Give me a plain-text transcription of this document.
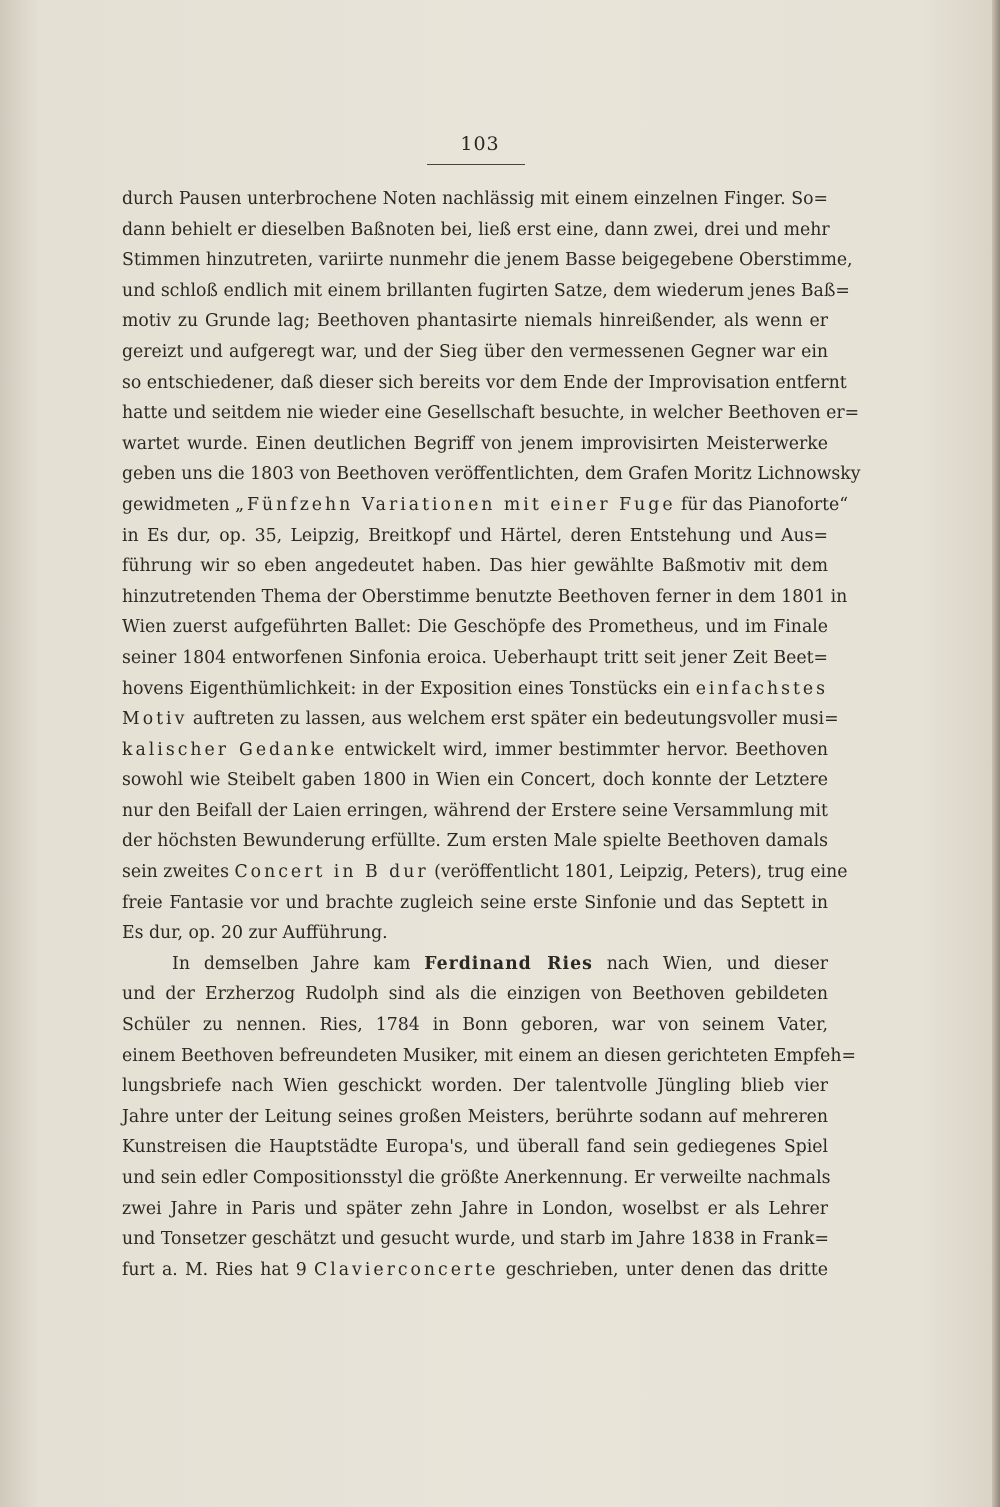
103
durch Pausen unterbrochene Noten nachlässig mit einem einzelnen Finger. So=
dann behielt er dieselben Baßnoten bei, ließ erst eine, dann zwei, drei und mehr
Stimmen hinzutreten, variirte nunmehr die jenem Basse beigegebene Oberstimme,
und schloß endlich mit einem brillanten fugirten Satze, dem wiederum jenes Baß=
motiv zu Grunde lag; Beethoven phantasirte niemals hinreißender, als wenn er
gereizt und aufgeregt war, und der Sieg über den vermessenen Gegner war ein
so entschiedener, daß dieser sich bereits vor dem Ende der Improvisation entfernt
hatte und seitdem nie wieder eine Gesellschaft besuchte, in welcher Beethoven er=
wartet wurde. Einen deutlichen Begriff von jenem improvisirten Meisterwerke
geben uns die 1803 von Beethoven veröffentlichten, dem Grafen Moritz Lichnowsky
gewidmeten „Fünfzehn Variationen mit einer Fuge für das Pianoforte“
in Es dur, op. 35, Leipzig, Breitkopf und Härtel, deren Entstehung und Aus=
führung wir so eben angedeutet haben. Das hier gewählte Baßmotiv mit dem
hinzutretenden Thema der Oberstimme benutzte Beethoven ferner in dem 1801 in
Wien zuerst aufgeführten Ballet: Die Geschöpfe des Prometheus, und im Finale
seiner 1804 entworfenen Sinfonia eroica. Ueberhaupt tritt seit jener Zeit Beet=
hovens Eigenthümlichkeit: in der Exposition eines Tonstücks ein einfachstes
Motiv auftreten zu lassen, aus welchem erst später ein bedeutungsvoller musi=
kalischer Gedanke entwickelt wird, immer bestimmter hervor. Beethoven
sowohl wie Steibelt gaben 1800 in Wien ein Concert, doch konnte der Letztere
nur den Beifall der Laien erringen, während der Erstere seine Versammlung mit
der höchsten Bewunderung erfüllte. Zum ersten Male spielte Beethoven damals
sein zweites Concert in B dur (veröffentlicht 1801, Leipzig, Peters), trug eine
freie Fantasie vor und brachte zugleich seine erste Sinfonie und das Septett in
Es dur, op. 20 zur Aufführung.
In demselben Jahre kam Ferdinand Ries nach Wien, und dieser
und der Erzherzog Rudolph sind als die einzigen von Beethoven gebildeten
Schüler zu nennen. Ries, 1784 in Bonn geboren, war von seinem Vater,
einem Beethoven befreundeten Musiker, mit einem an diesen gerichteten Empfeh=
lungsbriefe nach Wien geschickt worden. Der talentvolle Jüngling blieb vier
Jahre unter der Leitung seines großen Meisters, berührte sodann auf mehreren
Kunstreisen die Hauptstädte Europa's, und überall fand sein gediegenes Spiel
und sein edler Compositionsstyl die größte Anerkennung. Er verweilte nachmals
zwei Jahre in Paris und später zehn Jahre in London, woselbst er als Lehrer
und Tonsetzer geschätzt und gesucht wurde, und starb im Jahre 1838 in Frank=
furt a. M. Ries hat 9 Clavierconcerte geschrieben, unter denen das dritte
